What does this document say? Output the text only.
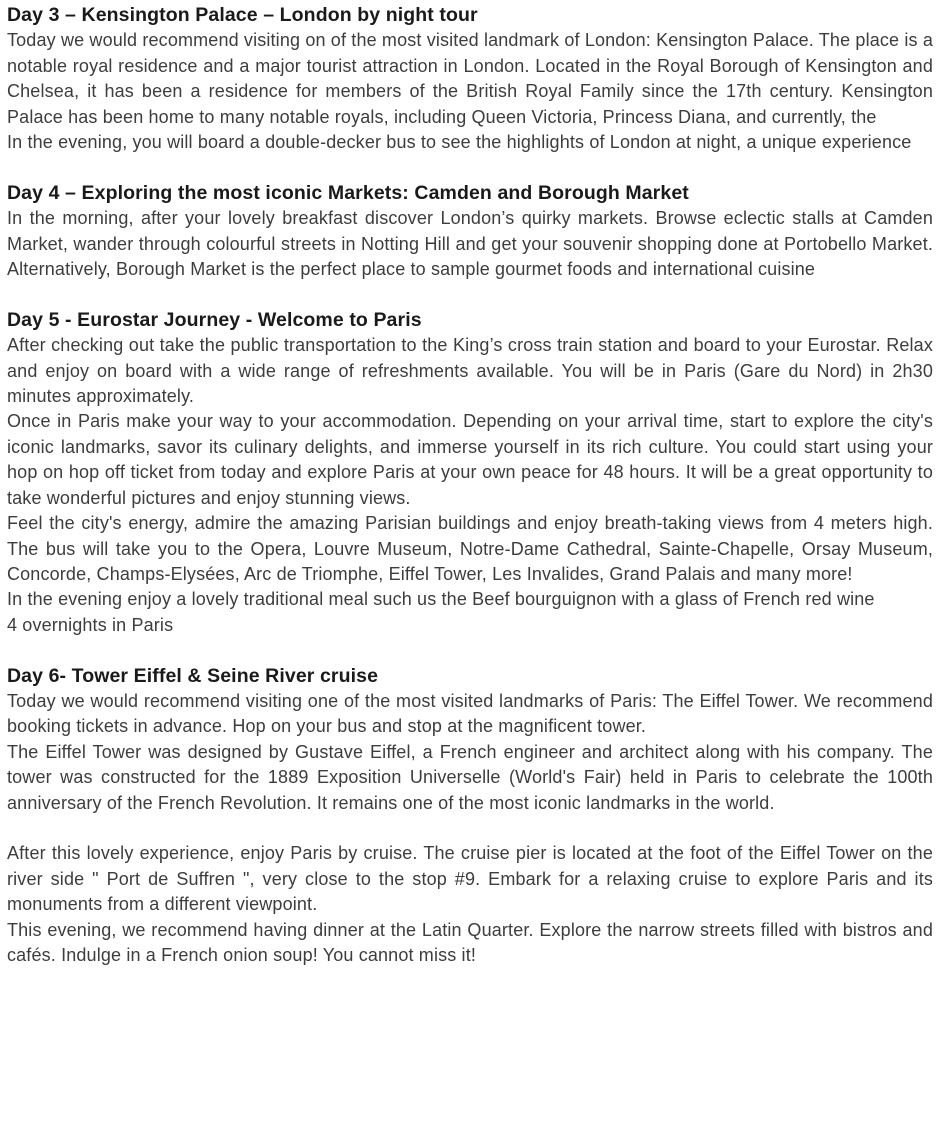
Day 3 – Kensington Palace – London by night tour

Today we would recommend visiting on of the most visited landmark of London: Kensington Palace. The place is a notable royal residence and a major tourist attraction in London. Located in the Royal Borough of Kensington and Chelsea, it has been a residence for members of the British Royal Family since the 17th century. Kensington Palace has been home to many notable royals, including Queen Victoria, Princess Diana, and currently, the

In the evening, you will board a double-decker bus to see the highlights of London at night, a unique experience

Day 4 – Exploring the most iconic Markets: Camden and Borough Market

In the morning, after your lovely breakfast discover London’s quirky markets. Browse eclectic stalls at Camden Market, wander through colourful streets in Notting Hill and get your souvenir shopping done at Portobello Market. Alternatively, Borough Market is the perfect place to sample gourmet foods and international cuisine

Day 5 - Eurostar Journey - Welcome to Paris

After checking out take the public transportation to the King’s cross train station and board to your Eurostar. Relax and enjoy on board with a wide range of refreshments available. You will be in Paris (Gare du Nord) in 2h30 minutes approximately.

Once in Paris make your way to your accommodation. Depending on your arrival time, start to explore the city's iconic landmarks, savor its culinary delights, and immerse yourself in its rich culture. You could start using your hop on hop off ticket from today and explore Paris at your own peace for 48 hours. It will be a great opportunity to take wonderful pictures and enjoy stunning views.

Feel the city's energy, admire the amazing Parisian buildings and enjoy breath-taking views from 4 meters high. The bus will take you to the Opera, Louvre Museum, Notre-Dame Cathedral, Sainte-Chapelle, Orsay Museum, Concorde, Champs-Elysées, Arc de Triomphe, Eiffel Tower, Les Invalides, Grand Palais and many more!

In the evening enjoy a lovely traditional meal such us the Beef bourguignon with a glass of French red wine

4 overnights in Paris

Day 6- Tower Eiffel & Seine River cruise

Today we would recommend visiting one of the most visited landmarks of Paris: The Eiffel Tower. We recommend booking tickets in advance. Hop on your bus and stop at the magnificent tower.

The Eiffel Tower was designed by Gustave Eiffel, a French engineer and architect along with his company. The tower was constructed for the 1889 Exposition Universelle (World's Fair) held in Paris to celebrate the 100th anniversary of the French Revolution. It remains one of the most iconic landmarks in the world.

After this lovely experience, enjoy Paris by cruise. The cruise pier is located at the foot of the Eiffel Tower on the river side " Port de Suffren ", very close to the stop #9. Embark for a relaxing cruise to explore Paris and its monuments from a different viewpoint.

This evening, we recommend having dinner at the Latin Quarter. Explore the narrow streets filled with bistros and cafés. Indulge in a French onion soup! You cannot miss it!
